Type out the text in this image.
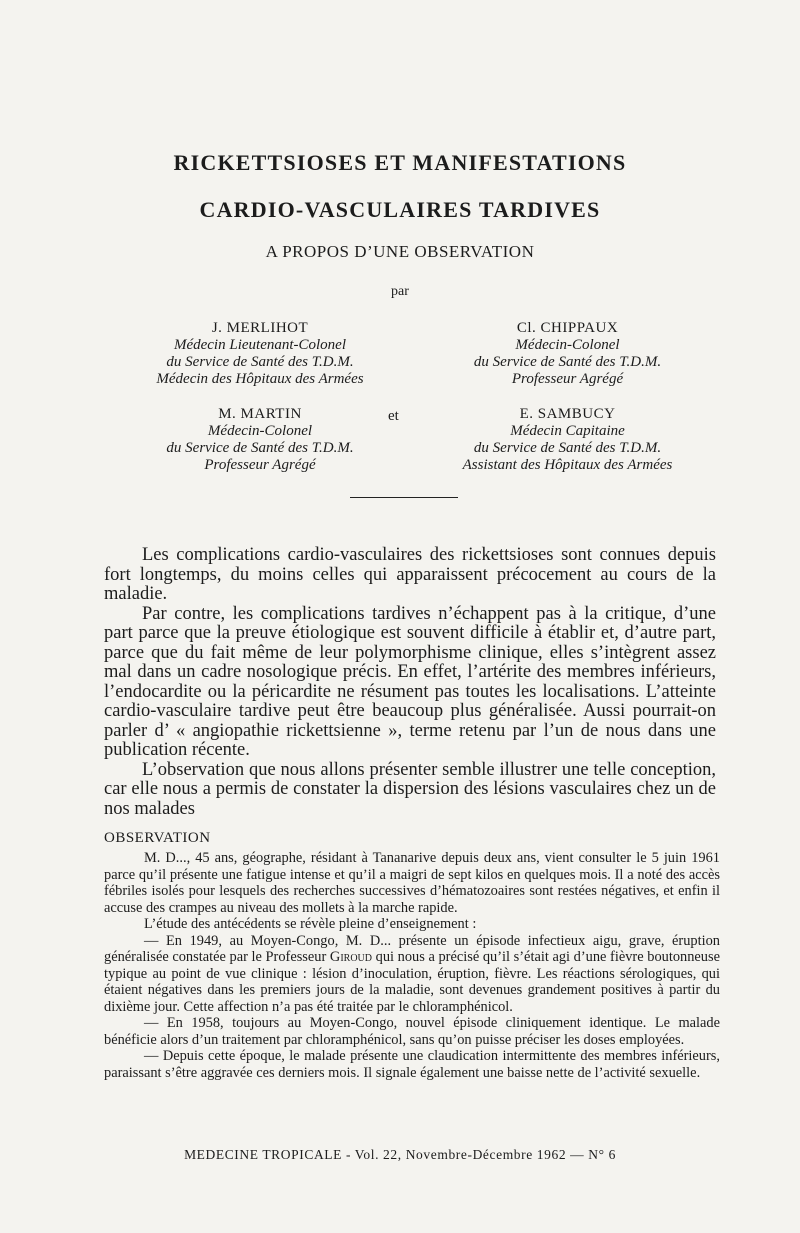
RICKETTSIOSES ET MANIFESTATIONS
CARDIO-VASCULAIRES TARDIVES
A PROPOS D’UNE OBSERVATION
par
J. MERLIHOT
Médecin Lieutenant-Colonel
du Service de Santé des T.D.M.
Médecin des Hôpitaux des Armées
Cl. CHIPPAUX
Médecin-Colonel
du Service de Santé des T.D.M.
Professeur Agrégé
M. MARTIN
Médecin-Colonel
du Service de Santé des T.D.M.
Professeur Agrégé
et	E. SAMBUCY
Médecin Capitaine
du Service de Santé des T.D.M.
Assistant des Hôpitaux des Armées

Les complications cardio-vasculaires des rickettsioses sont connues depuis fort longtemps, du moins celles qui apparaissent précocement au cours de la maladie.

Par contre, les complications tardives n’échappent pas à la critique, d’une part parce que la preuve étiologique est souvent difficile à établir et, d’autre part, parce que du fait même de leur polymorphisme clinique, elles s’intègrent assez mal dans un cadre nosologique précis. En effet, l’artérite des membres inférieurs, l’endocardite ou la péricardite ne résument pas toutes les localisations. L’atteinte cardio-vasculaire tardive peut être beaucoup plus généralisée. Aussi pourrait-on parler d’ « angiopathie rickettsienne », terme retenu par l’un de nous dans une publication récente.

L’observation que nous allons présenter semble illustrer une telle conception, car elle nous a permis de constater la dispersion des lésions vasculaires chez un de nos malades

OBSERVATION

M. D..., 45 ans, géographe, résidant à Tananarive depuis deux ans, vient consulter le 5 juin 1961 parce qu’il présente une fatigue intense et qu’il a maigri de sept kilos en quelques mois. Il a noté des accès fébriles isolés pour lesquels des recherches successives d’hématozoaires sont restées négatives, et enfin il accuse des crampes au niveau des mollets à la marche rapide.

L’étude des antécédents se révèle pleine d’enseignement :

— En 1949, au Moyen-Congo, M. D... présente un épisode infectieux aigu, grave, éruption généralisée constatée par le Professeur Giroud qui nous a précisé qu’il s’était agi d’une fièvre boutonneuse typique au point de vue clinique : lésion d’inoculation, éruption, fièvre. Les réactions sérologiques, qui étaient négatives dans les premiers jours de la maladie, sont devenues grandement positives à partir du dixième jour. Cette affection n’a pas été traitée par le chloramphénicol.

— En 1958, toujours au Moyen-Congo, nouvel épisode cliniquement identique. Le malade bénéficie alors d’un traitement par chloramphénicol, sans qu’on puisse préciser les doses employées.

— Depuis cette époque, le malade présente une claudication intermittente des membres inférieurs, paraissant s’être aggravée ces derniers mois. Il signale également une baisse nette de l’activité sexuelle.

MEDECINE TROPICALE - Vol. 22, Novembre-Décembre 1962 — N° 6
